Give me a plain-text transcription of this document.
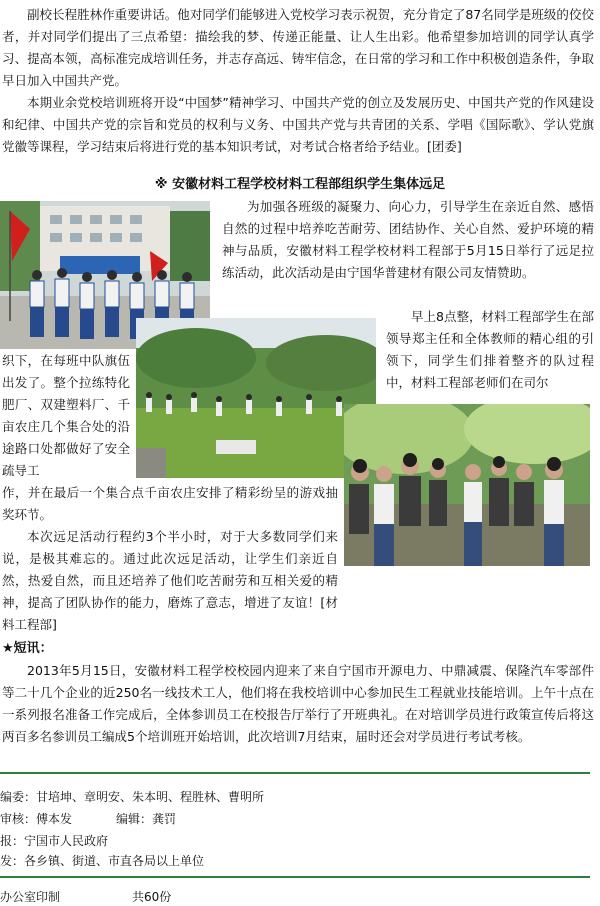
副校长程胜林作重要讲话。他对同学们能够进入党校学习表示祝贺，充分肯定了87名同学是班级的佼佼者，并对同学们提出了三点希望：描绘我的梦、传递正能量、让人生出彩。他希望参加培训的同学认真学习、提高本领，高标准完成培训任务，并志存高远、铸牢信念，在日常的学习和工作中积极创造条件，争取早日加入中国共产党。

本期业余党校培训班将开设“中国梦”精神学习、中国共产党的创立及发展历史、中国共产党的作风建设和纪律、中国共产党的宗旨和党员的权利与义务、中国共产党与共青团的关系、学唱《国际歌》、学认党旗党徽等课程，学习结束后将进行党的基本知识考试，对考试合格者给予结业。[团委]

※ 安徽材料工程学校材料工程部组织学生集体远足

为加强各班级的凝聚力、向心力，引导学生在亲近自然、感悟自然的过程中培养吃苦耐劳、团结协作、关心自然、爱护环境的精神与品质，安徽材料工程学校材料工程部于5月15日举行了远足拉练活动，此次活动是由宁国华普建材有限公司友情赞助。

早上8点整，材料工程部学生在部领导郑主任和全体教师的精心组的引领下，同学生们排着整齐的队过程中，材料工程部老师们在司尔

织下，在每班中队旗伍出发了。整个拉练特化肥厂、双建塑料厂、千亩农庄几个集合处的沿途路口处都做好了安全疏导工

作，并在最后一个集合点千亩农庄安排了精彩纷呈的游戏抽奖环节。

本次远足活动行程约3个半小时，对于大多数同学们来说，是极其难忘的。通过此次远足活动，让学生们亲近自然，热爱自然，而且还培养了他们吃苦耐劳和互相关爱的精神，提高了团队协作的能力，磨炼了意志，增进了友谊！[材料工程部]

★短讯：

2013年5月15日，安徽材料工程学校校园内迎来了来自宁国市开源电力、中鼎减震、保隆汽车零部件等二十几个企业的近250名一线技术工人，他们将在我校培训中心参加民生工程就业技能培训。上午十点在一系列报名准备工作完成后，全体参训员工在校报告厅举行了开班典礼。在对培训学员进行政策宣传后将这两百多名参训员工编成5个培训班开始培训，此次培训7月结束，届时还会对学员进行考试考核。

编委：甘培坤、章明安、朱本明、程胜林、曹明所
审核：傅本发	编辑：龚罚
报：宁国市人民政府
发：各乡镇、街道、市直各局以上单位
办公室印制	共60份
